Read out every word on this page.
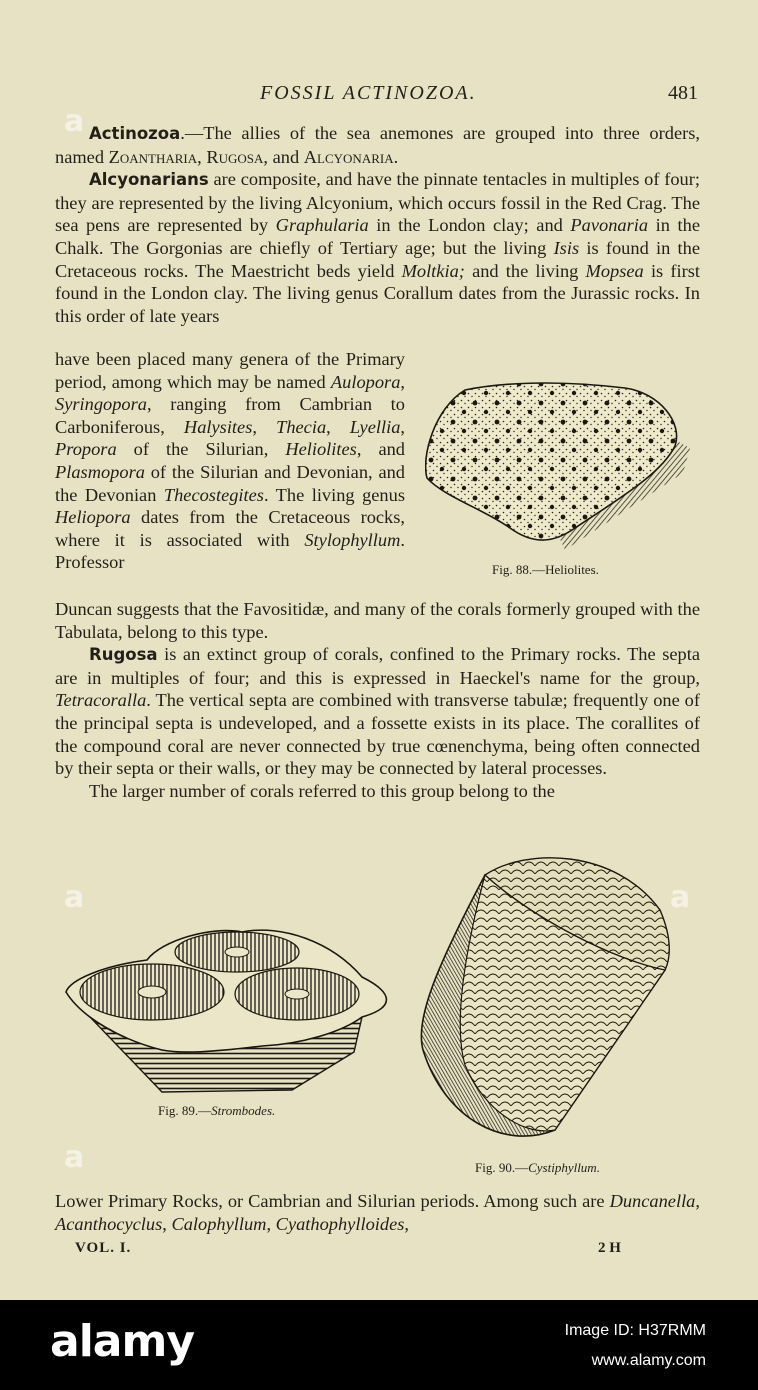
FOSSIL ACTINOZOA.	481

Actinozoa.—The allies of the sea anemones are grouped into three orders, named Zoantharia, Rugosa, and Alcyonaria.

Alcyonarians are composite, and have the pinnate tentacles in multiples of four; they are represented by the living Alcyonium, which occurs fossil in the Red Crag. The sea pens are represented by Graphularia in the London clay; and Pavonaria in the Chalk. The Gorgonias are chiefly of Tertiary age; but the living Isis is found in the Cretaceous rocks. The Maestricht beds yield Moltkia; and the living Mopsea is first found in the London clay. The living genus Corallum dates from the Jurassic rocks. In this order of late years

have been placed many genera of the Primary period, among which may be named Aulopora, Syringopora, ranging from Cambrian to Carboniferous, Halysites, Thecia, Lyellia, Propora of the Silurian, Heliolites, and Plasmopora of the Silurian and Devonian, and the Devonian Thecostegites. The living genus Heliopora dates from the Cretaceous rocks, where it is associated with Stylophyllum. Professor	Fig. 88.—Heliolites.

Duncan suggests that the Favositidæ, and many of the corals formerly grouped with the Tabulata, belong to this type.

Rugosa is an extinct group of corals, confined to the Primary rocks. The septa are in multiples of four; and this is expressed in Haeckel's name for the group, Tetracoralla. The vertical septa are combined with transverse tabulæ; frequently one of the principal septa is undeveloped, and a fossette exists in its place. The corallites of the compound coral are never connected by true cœnenchyma, being often connected by their septa or their walls, or they may be connected by lateral processes.

The larger number of corals referred to this group belong to the

Fig. 89.—Strombodes.
Fig. 90.—Cystiphyllum.

Lower Primary Rocks, or Cambrian and Silurian periods. Among such are Duncanella, Acanthocyclus, Calophyllum, Cyathophylloides,

VOL. I.	2 H
a
a	a
a
alamy	Image ID: H37RMM
www.alamy.com
